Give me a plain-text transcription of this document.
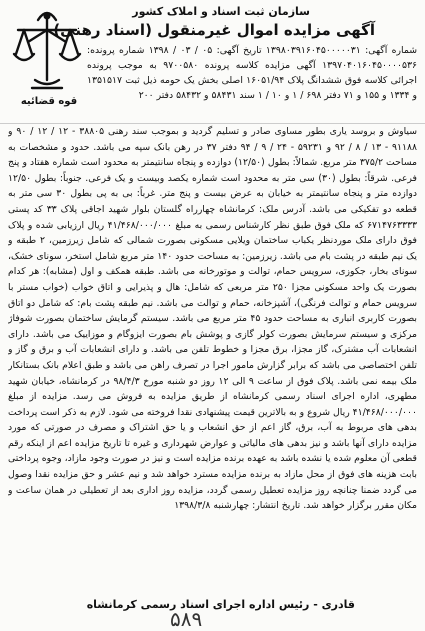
سازمان ثبت اسناد و املاک کشور
آگهی مزایده اموال غیرمنقول (اسناد رهنی)
شماره آگهی: ۱۳۹۸۰۳۹۱۶۰۴۵۰۰۰۰۰۳۱ تاریخ آگهی: ۰۵ / ۰۳ / ۱۳۹۸ شماره پرونده: ۱۳۹۷۰۴۰۱۶۰۴۵۰۰۰۰۵۳۶ آگهی مزایده کلاسه پرونده ۹۷۰۰۵۸۰ به موجب پرونده اجرائی کلاسه فوق ششدانگ پلاک ۱۶۰۵۱/۹۴ اصلی بخش یک حومه ذیل ثبت ۱۳۵۱۵۱۷ و ۱۳۳۴ و ۱۵۵ و ۷۱ دفتر ۶۹۸ / ۱ و ۱۰ / ۱ سند ۵۸۴۳۱ و ۵۸۴۳۲ دفتر ۲۰۰
قوه قضائیه
سیاوش و بروسد یاری بطور مساوی صادر و تسلیم گردید و بموجب سند رهنی ۳۸۸۰۵ - ۱۲ / ۱۲ / ۹۰ و ۹۱۱۸۸ - ۱۳ / ۸ / ۹۲ و ۵۹۲۳۱ - ۲۴ / ۹ / ۹۴ دفتر ۳۷ در رهن بانک سپه می باشد. حدود و مشخصات به مساحت ۳۷۵/۲ متر مربع. شمالاً: بطول (۱۲/۵۰) دوازده و پنجاه سانتیمتر به محدود است شماره هفتاد و پنج فرعی. شرقاً: بطول (۳۰) سی متر به محدود است شماره یکصد وبیست و یک فرعی. جنوباً: بطول ۱۲/۵۰ دوازده متر و پنجاه سانتیمتر به خیابان به عرض بیست و پنج متر. غرباً: بی به پی بطول ۳۰ سی متر به قطعه دو تفکیکی می باشد. آدرس ملک: کرمانشاه چهارراه گلستان بلوار شهید اجاقی پلاک ۳۳ کد پستی ۶۷۱۴۷۶۳۳۳۳ که ملک فوق طبق نظر کارشناس رسمی به مبلغ ۴۱/۴۶۸/۰۰۰/۰۰۰ ریال ارزیابی شده و پلاک فوق دارای ملک موردنظر یکباب ساختمان ویلایی مسکونی بصورت شمالی که شامل زیرزمین، ۲ طبقه و یک نیم طبقه در پشت بام می باشد. زیرزمین: به مساحت حدود ۱۴۰ متر مربع شامل استخر، سونای خشک، سونای بخار، جکوزی، سرویس حمام، توالت و موتورخانه می باشد. طبقه همکف و اول (مشابه): هر کدام بصورت یک واحد مسکونی مجزا ۲۵۰ متر مربعی که شامل: هال و پذیرایی و اتاق خواب (خواب مستر با سرویس حمام و توالت فرنگی)، آشپزخانه، حمام و توالت می باشد. نیم طبقه پشت بام: که شامل دو اتاق بصورت کاربری انباری به مساحت حدود ۴۵ متر مربع می باشد. سیستم گرمایش ساختمان بصورت شوفاژ مرکزی و سیستم سرمایش بصورت کولر گازی و پوشش بام بصورت ایزوگام و موزاییک می باشد. دارای انشعابات آب مشترک، گاز مجزا، برق مجزا و خطوط تلفن می باشد. و دارای انشعابات آب و برق و گاز و تلفن اختصاصی می باشد که برابر گزارش مامور اجرا در تصرف راهن می باشد و طبق اعلام بانک بستانکار ملک بیمه نمی باشد. پلاک فوق از ساعت ۹ الی ۱۲ روز دو شنبه مورخ ۹۸/۴/۳ در کرمانشاه، خیابان شهید مطهری، اداره اجرای اسناد رسمی کرمانشاه از طریق مزایده به فروش می رسد. مزایده از مبلغ ۴۱/۴۶۸/۰۰۰/۰۰۰ ریال شروع و به بالاترین قیمت پیشنهادی نقدا فروخته می شود. لازم به ذکر است پرداخت بدهی های مربوط به آب، برق، گاز اعم از حق انشعاب و یا حق اشتراک و مصرف در صورتی که مورد مزایده دارای آنها باشد و نیز بدهی های مالیاتی و عوارض شهرداری و غیره تا تاریخ مزایده اعم از اینکه رقم قطعی آن معلوم شده یا نشده باشد به عهده برنده مزایده است و نیز در صورت وجود مازاد، وجوه پرداختی بابت هزینه های فوق از محل مازاد به برنده مزایده مسترد خواهد شد و نیم عشر و حق مزایده نقدا وصول می گردد ضمنا چنانچه روز مزایده تعطیل رسمی گردد، مزایده روز اداری بعد از تعطیلی در همان ساعت و مکان مقرر برگزار خواهد شد. تاریخ انتشار: چهارشنبه ۱۳۹۸/۳/۸
قادری - رئیس اداره اجرای اسناد رسمی کرمانشاه
۵۸۹
